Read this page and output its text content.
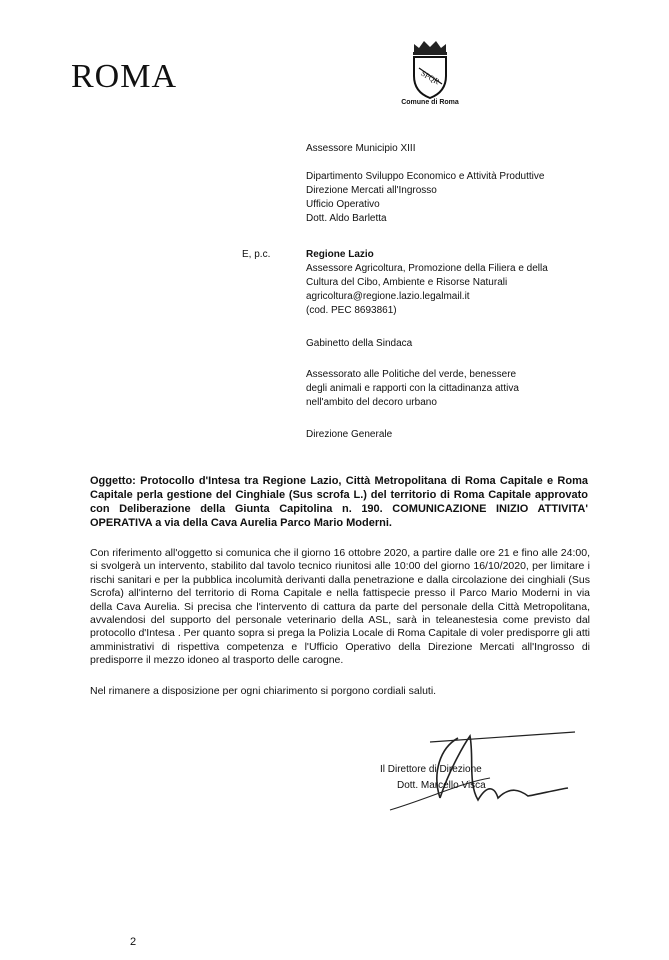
ROMA	SPQR
Comune di Roma
Assessore Municipio XIII
Dipartimento Sviluppo Economico e Attività Produttive
Direzione Mercati all'Ingrosso
Ufficio Operativo
Dott. Aldo Barletta
E, p.c.	Regione Lazio
Assessore Agricoltura, Promozione della Filiera e della
Cultura del Cibo, Ambiente e Risorse Naturali
agricoltura@regione.lazio.legalmail.it
(cod. PEC 8693861)
Gabinetto della Sindaca
Assessorato alle Politiche del verde, benessere
degli animali e rapporti con la cittadinanza attiva
nell'ambito del decoro urbano
Direzione Generale
Oggetto: Protocollo d'Intesa tra Regione Lazio, Città Metropolitana di Roma Capitale e Roma Capitale perla gestione del Cinghiale (Sus scrofa L.) del territorio di Roma Capitale approvato con Deliberazione della Giunta Capitolina n. 190. COMUNICAZIONE INIZIO ATTIVITA' OPERATIVA a via della Cava Aurelia Parco Mario Moderni.
Con riferimento all'oggetto si comunica che il giorno 16 ottobre 2020, a partire dalle ore 21 e fino alle 24:00, si svolgerà un intervento, stabilito dal tavolo tecnico riunitosi alle 10:00 del giorno 16/10/2020, per limitare i rischi sanitari e per la pubblica incolumità derivanti dalla penetrazione e dalla circolazione dei cinghiali (Sus Scrofa) all'interno del territorio di Roma Capitale e nella fattispecie presso il Parco Mario Moderni in via della Cava Aurelia. Si precisa che l'intervento di cattura da parte del personale della Città Metropolitana, avvalendosi del supporto del personale veterinario della ASL, sarà in teleanestesia come previsto dal protocollo d'Intesa . Per quanto sopra si prega la Polizia Locale di Roma Capitale di voler predisporre gli atti amministrativi di rispettiva competenza e l'Ufficio Operativo della Direzione Mercati all'Ingrosso di predisporre il mezzo idoneo al trasporto delle carogne.
Nel rimanere a disposizione per ogni chiarimento si porgono cordiali saluti.
Il Direttore di Direzione
Dott. Marcello Visca
2
